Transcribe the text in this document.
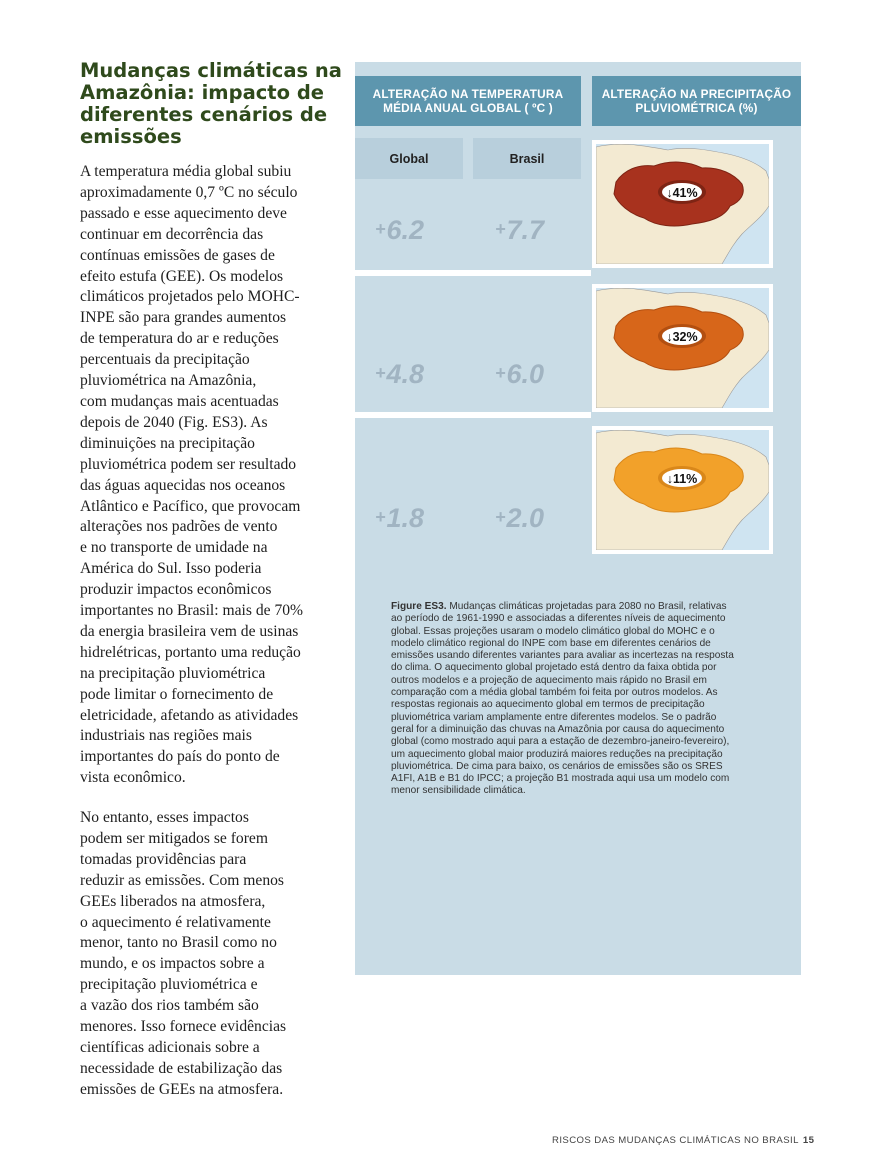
Mudanças climáticas na
Amazônia: impacto de
diferentes cenários de
emissões

A temperatura média global subiu
aproximadamente 0,7 ºC no século
passado e esse aquecimento deve
continuar em decorrência das
contínuas emissões de gases de
efeito estufa (GEE). Os modelos
climáticos projetados pelo MOHC-
INPE são para grandes aumentos
de temperatura do ar e reduções
percentuais da precipitação
pluviométrica na Amazônia,
com mudanças mais acentuadas
depois de 2040 (Fig. ES3). As
diminuições na precipitação
pluviométrica podem ser resultado
das águas aquecidas nos oceanos
Atlântico e Pacífico, que provocam
alterações nos padrões de vento
e no transporte de umidade na
América do Sul. Isso poderia
produzir impactos econômicos
importantes no Brasil: mais de 70%
da energia brasileira vem de usinas
hidrelétricas, portanto uma redução
na precipitação pluviométrica
pode limitar o fornecimento de
eletricidade, afetando as atividades
industriais nas regiões mais
importantes do país do ponto de
vista econômico.

No entanto, esses impactos
podem ser mitigados se forem
tomadas providências para
reduzir as emissões. Com menos
GEEs liberados na atmosfera,
o aquecimento é relativamente
menor, tanto no Brasil como no
mundo, e os impactos sobre a
precipitação pluviométrica e
a vazão dos rios também são
menores. Isso fornece evidências
científicas adicionais sobre a
necessidade de estabilização das
emissões de GEEs na atmosfera.

ALTERAÇÃO NA TEMPERATURA
MÉDIA ANUAL GLOBAL ( ºC )
ALTERAÇÃO NA PRECIPITAÇÃO
PLUVIOMÉTRICA (%)
Global	Brasil
+6.2	+7.7
+4.8	+6.0
+1.8	+2.0
↓41%
↓32%
↓11%

Figure ES3. Mudanças climáticas projetadas para 2080 no Brasil, relativas
ao período de 1961-1990 e associadas a diferentes níveis de aquecimento
global. Essas projeções usaram o modelo climático global do MOHC e o
modelo climático regional do INPE com base em diferentes cenários de
emissões usando diferentes variantes para avaliar as incertezas na resposta
do clima. O aquecimento global projetado está dentro da faixa obtida por
outros modelos e a projeção de aquecimento mais rápido no Brasil em
comparação com a média global também foi feita por outros modelos. As
respostas regionais ao aquecimento global em termos de precipitação
pluviométrica variam amplamente entre diferentes modelos. Se o padrão
geral for a diminuição das chuvas na Amazônia por causa do aquecimento
global (como mostrado aqui para a estação de dezembro-janeiro-fevereiro),
um aquecimento global maior produzirá maiores reduções na precipitação
pluviométrica. De cima para baixo, os cenários de emissões são os SRES
A1FI, A1B e B1 do IPCC; a projeção B1 mostrada aqui usa um modelo com
menor sensibilidade climática.

RISCOS DAS MUDANÇAS CLIMÁTICAS NO BRASIL 15
